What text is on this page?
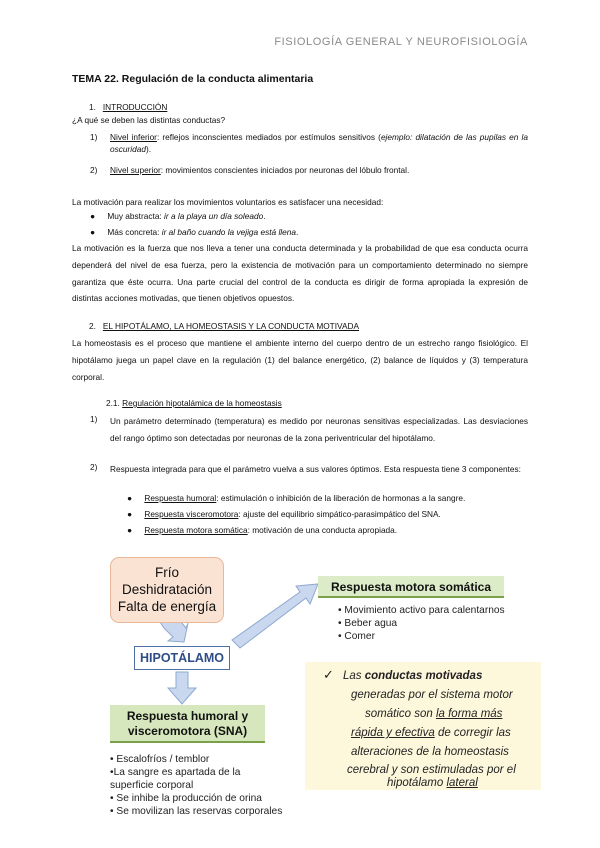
FISIOLOGÍA GENERAL Y NEUROFISIOLOGÍA
TEMA 22. Regulación de la conducta alimentaria
1. INTRODUCCIÓN
¿A qué se deben las distintas conductas?
1) Nivel inferior: reflejos inconscientes mediados por estímulos sensitivos (ejemplo: dilatación de las pupilas en la oscuridad).

2) Nivel superior: movimientos conscientes iniciados por neuronas del lóbulo frontal.

La motivación para realizar los movimientos voluntarios es satisfacer una necesidad:
● Muy abstracta: ir a la playa un día soleado.
● Más concreta: ir al baño cuando la vejiga está llena.

La motivación es la fuerza que nos lleva a tener una conducta determinada y la probabilidad de que esa conducta ocurra dependerá del nivel de esa fuerza, pero la existencia de motivación para un comportamiento determinado no siempre garantiza que éste ocurra. Una parte crucial del control de la conducta es dirigir de forma apropiada la expresión de distintas acciones motivadas, que tienen objetivos opuestos.

2. EL HIPOTÁLAMO, LA HOMEOSTASIS Y LA CONDUCTA MOTIVADA

La homeostasis es el proceso que mantiene el ambiente interno del cuerpo dentro de un estrecho rango fisiológico. El hipotálamo juega un papel clave en la regulación (1) del balance energético, (2) balance de líquidos y (3) temperatura corporal.

2.1. Regulación hipotalámica de la homeostasis
1) Un parámetro determinado (temperatura) es medido por neuronas sensitivas especializadas. Las desviaciones del rango óptimo son detectadas por neuronas de la zona periventricular del hipotálamo.

2) Respuesta integrada para que el parámetro vuelva a sus valores óptimos. Esta respuesta tiene 3 componentes:

● Respuesta humoral: estimulación o inhibición de la liberación de hormonas a la sangre.
● Respuesta visceromotora: ajuste del equilibrio simpático-parasimpático del SNA.
● Respuesta motora somática: motivación de una conducta apropiada.
Frío
Deshidratación
Falta de energía
HIPOTÁLAMO
Respuesta humoral y
visceromotora (SNA)
• Escalofríos / temblor
•La sangre es apartada de la
superficie corporal
• Se inhibe la producción de orina
• Se movilizan las reservas corporales
Respuesta motora somática
• Movimiento activo para calentarnos
• Beber agua
• Comer
✓ Las conductas motivadas
generadas por el sistema motor
somático son la forma más
rápida y efectiva de corregir las
alteraciones de la homeostasis
cerebral y son estimuladas por el
hipotálamo lateral
